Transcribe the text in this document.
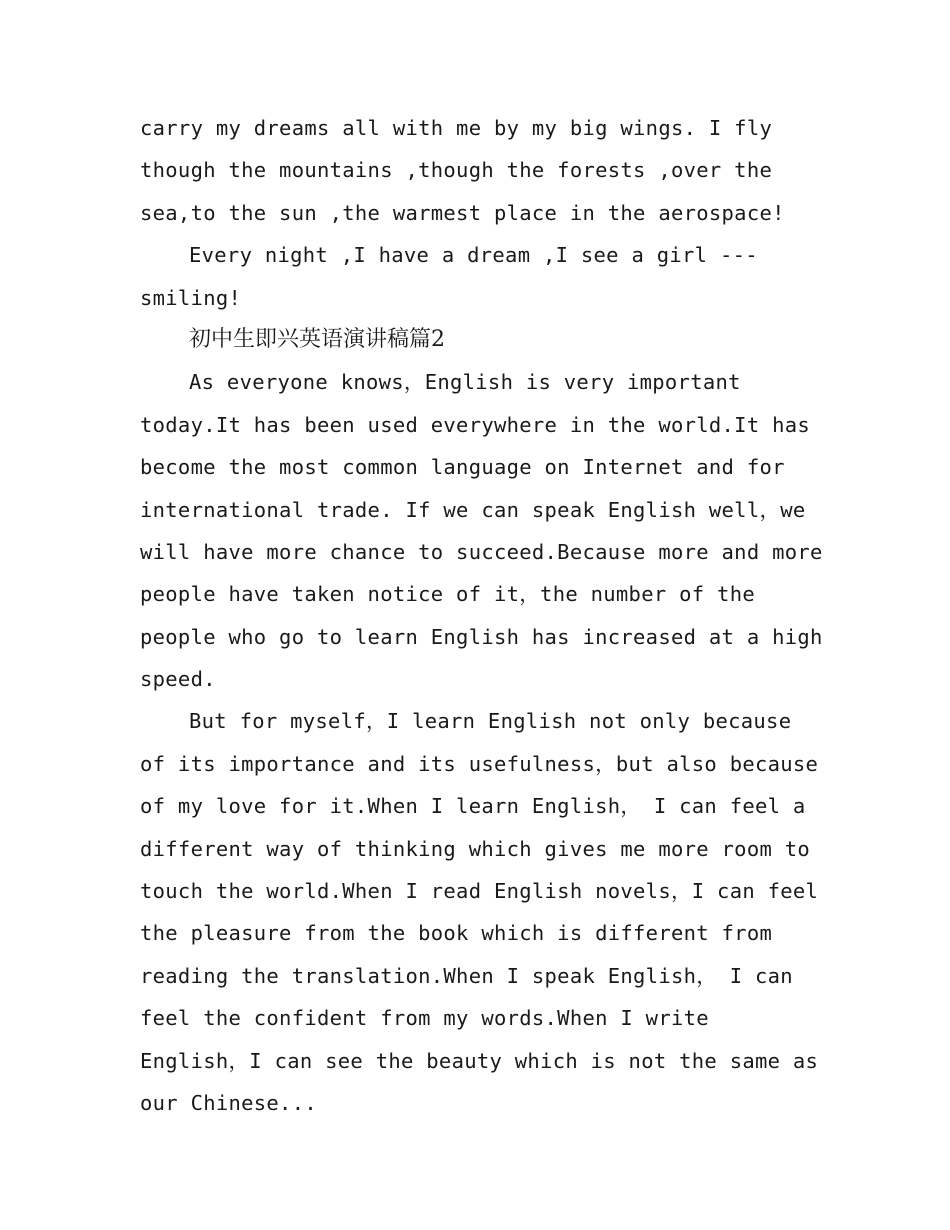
carry my dreams all with me by my big wings. I fly
though the mountains ,though the forests ,over the
sea,to the sun ,the warmest place in the aerospace!
Every night ,I have a dream ,I see a girl ---
smiling!
初中生即兴英语演讲稿篇2
As everyone knows，English is very important
today.It has been used everywhere in the world.It has
become the most common language on Internet and for
international trade. If we can speak English well，we
will have more chance to succeed.Because more and more
people have taken notice of it，the number of the
people who go to learn English has increased at a high
speed.
But for myself，I learn English not only because
of its importance and its usefulness，but also because
of my love for it.When I learn English， I can feel a
different way of thinking which gives me more room to
touch the world.When I read English novels，I can feel
the pleasure from the book which is different from
reading the translation.When I speak English， I can
feel the confident from my words.When I write
English，I can see the beauty which is not the same as
our Chinese...
